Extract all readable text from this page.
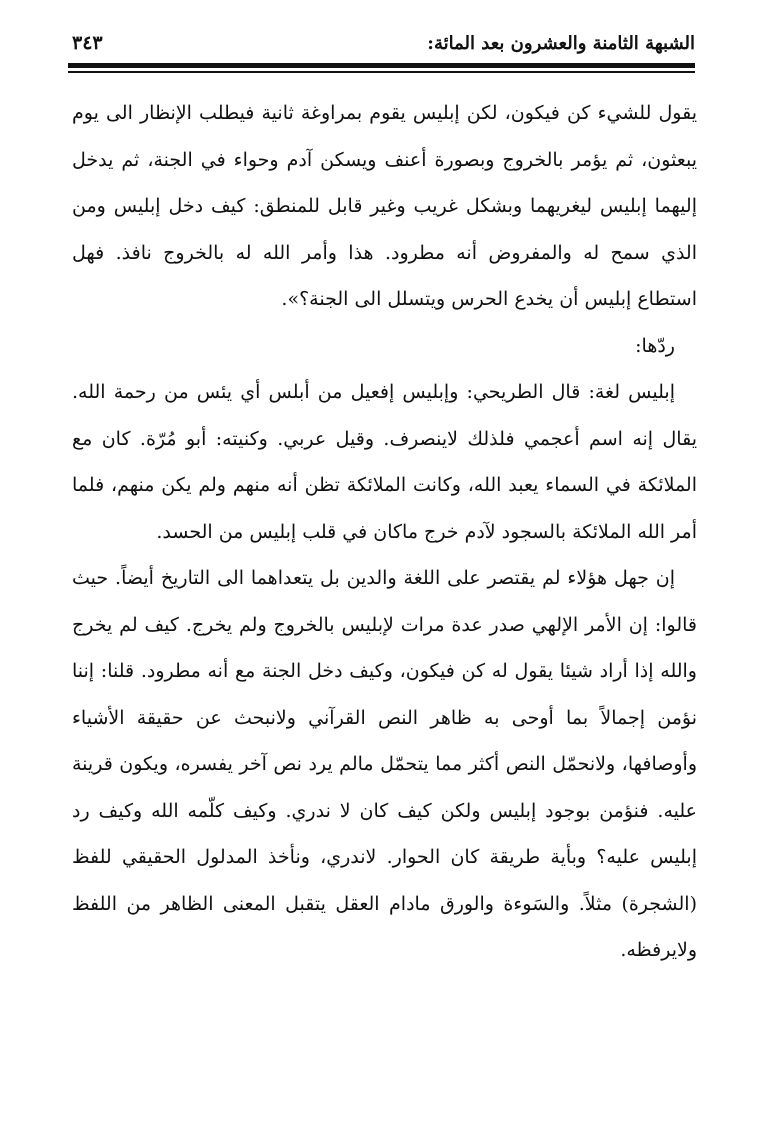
الشبهة الثامنة والعشرون بعد المائة:
٣٤٣

يقول للشيء كن فيكون، لكن إبليس يقوم بمراوغة ثانية فيطلب الإنظار الى يوم يبعثون، ثم يؤمر بالخروج وبصورة أعنف ويسكن آدم وحواء في الجنة، ثم يدخل إليهما إبليس ليغريهما وبشكل غريب وغير قابل للمنطق: كيف دخل إبليس ومن الذي سمح له والمفروض أنه مطرود. هذا وأمر الله له بالخروج نافذ. فهل استطاع إبليس أن يخدع الحرس ويتسلل الى الجنة؟».

ردّها:

إبليس لغة: قال الطريحي: وإبليس إفعيل من أبلس أي يئس من رحمة الله. يقال إنه اسم أعجمي فلذلك لاينصرف. وقيل عربي. وكنيته: أبو مُرّة. كان مع الملائكة في السماء يعبد الله، وكانت الملائكة تظن أنه منهم ولم يكن منهم، فلما أمر الله الملائكة بالسجود لآدم خرج ماكان في قلب إبليس من الحسد.

إن جهل هؤلاء لم يقتصر على اللغة والدين بل يتعداهما الى التاريخ أيضاً. حيث قالوا: إن الأمر الإلهي صدر عدة مرات لإبليس بالخروج ولم يخرج. كيف لم يخرج والله إذا أراد شيئا يقول له كن فيكون، وكيف دخل الجنة مع أنه مطرود. قلنا: إننا نؤمن إجمالاً بما أوحى به ظاهر النص القرآني ولانبحث عن حقيقة الأشياء وأوصافها، ولانحمّل النص أكثر مما يتحمّل مالم يرد نص آخر يفسره، ويكون قرينة عليه. فنؤمن بوجود إبليس ولكن كيف كان لا ندري. وكيف كلّمه الله وكيف رد إبليس عليه؟ وبأية طريقة كان الحوار. لاندري، ونأخذ المدلول الحقيقي للفظ (الشجرة) مثلاً. والسَوءة والورق مادام العقل يتقبل المعنى الظاهر من اللفظ ولايرفظه.
